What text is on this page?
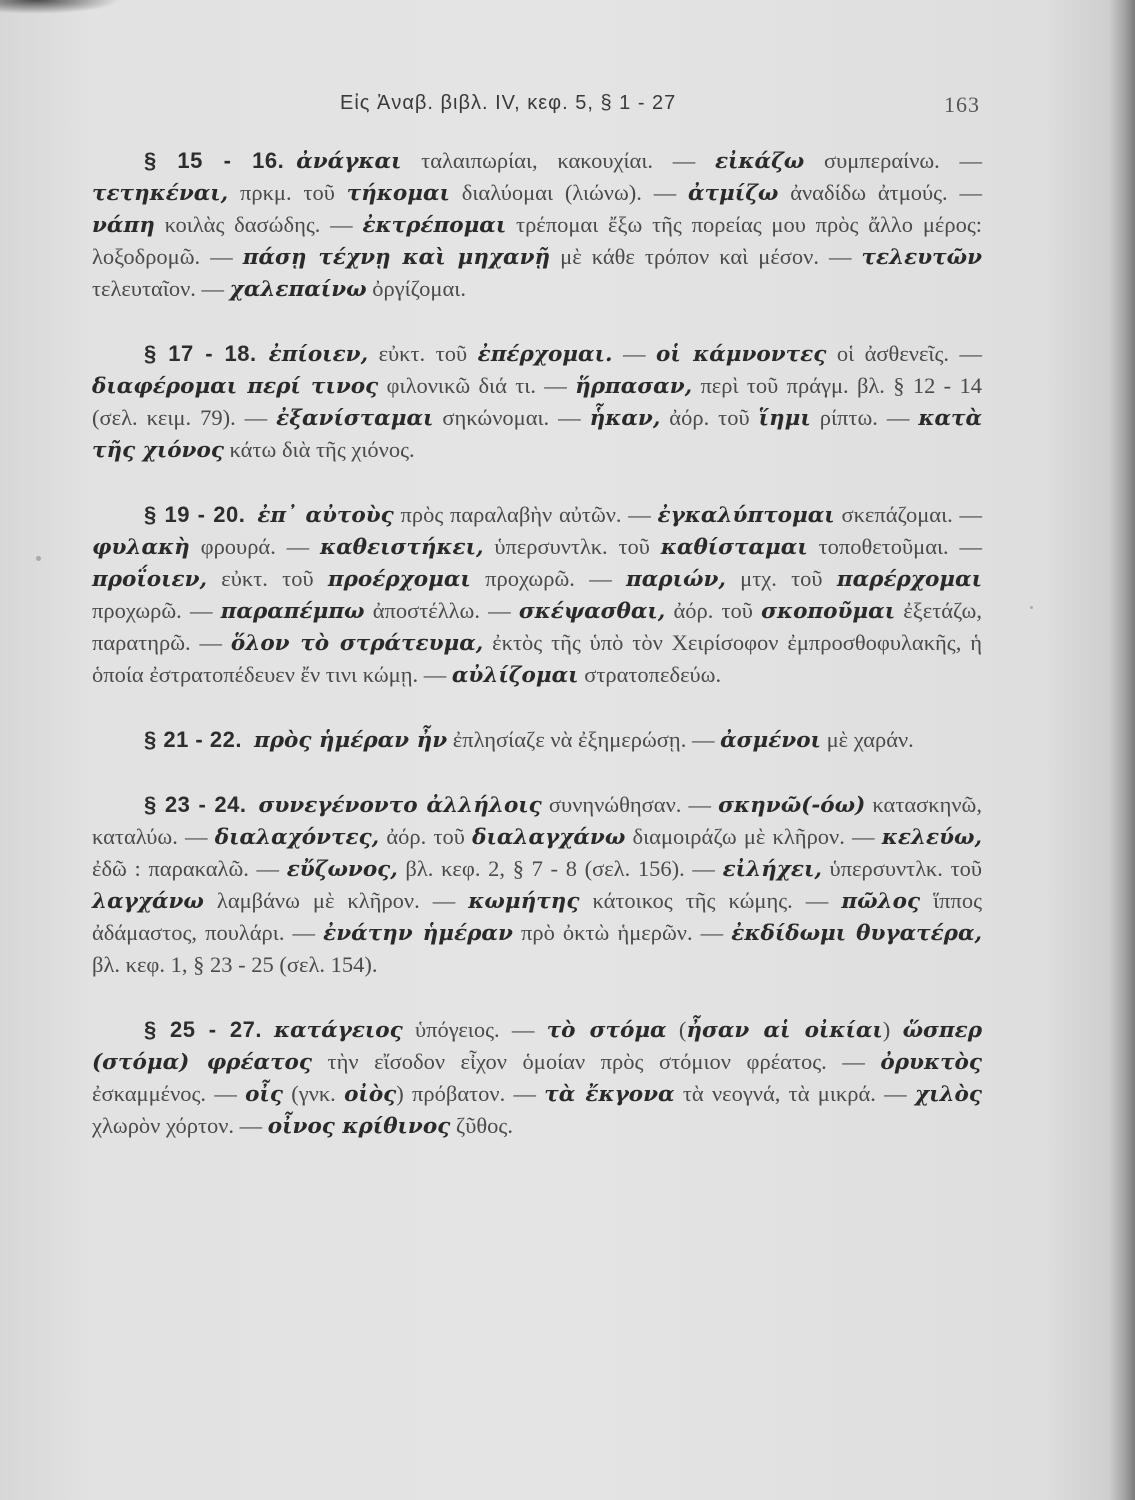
Εἰς Ἀναβ. βιβλ. IV, κεφ. 5, § 1 - 27	163

§ 15 - 16. ἀνάγκαι ταλαιπωρίαι, κακουχίαι. — εἰκάζω συμπεραίνω. — τετηκέναι, πρκμ. τοῦ τήκομαι διαλύομαι (λιώνω). — ἀτμίζω ἀναδίδω ἀτμούς. — νάπη κοιλὰς δασώδης. — ἐκτρέπομαι τρέπομαι ἔξω τῆς πορείας μου πρὸς ἄλλο μέρος: λοξοδρομῶ. — πάσῃ τέχνῃ καὶ μηχανῇ μὲ κάθε τρόπον καὶ μέσον. — τελευτῶν τελευταῖον. — χαλεπαίνω ὀργίζομαι.

§ 17 - 18. ἐπίοιεν, εὐκτ. τοῦ ἐπέρχομαι. — οἱ κάμνοντες οἱ ἀσθενεῖς. — διαφέρομαι περί τινος φιλονικῶ διά τι. — ἥρπασαν, περὶ τοῦ πράγμ. βλ. § 12 - 14 (σελ. κειμ. 79). — ἐξανίσταμαι σηκώνομαι. — ἧκαν, ἀόρ. τοῦ ἵημι ρίπτω. — κατὰ τῆς χιόνος κάτω διὰ τῆς χιόνος.

§ 19 - 20. ἐπ᾽ αὐτοὺς πρὸς παραλαβὴν αὐτῶν. — ἐγκαλύπτομαι σκεπάζομαι. — φυλακὴ φρουρά. — καθειστήκει, ὑπερσυντλκ. τοῦ καθίσταμαι τοποθετοῦμαι. — προΐοιεν, εὐκτ. τοῦ προέρχομαι προχωρῶ. — παριών, μτχ. τοῦ παρέρχομαι προχωρῶ. — παραπέμπω ἀποστέλλω. — σκέψασθαι, ἀόρ. τοῦ σκοποῦμαι ἐξετάζω, παρατηρῶ. — ὅλον τὸ στράτευμα, ἐκτὸς τῆς ὑπὸ τὸν Χειρίσοφον ἐμπροσθοφυλακῆς, ἡ ὁποία ἐστρατοπέδευεν ἔν τινι κώμῃ. — αὐλίζομαι στρατοπεδεύω.

§ 21 - 22. πρὸς ἡμέραν ἦν ἐπλησίαζε νὰ ἐξημερώσῃ. — ἀσμένοι μὲ χαράν.

§ 23 - 24. συνεγένοντο ἀλλήλοις συνηνώθησαν. — σκηνῶ(-όω) κατασκηνῶ, καταλύω. — διαλαχόντες, ἀόρ. τοῦ διαλαγχάνω διαμοιράζω μὲ κλῆρον. — κελεύω, ἐδῶ : παρακαλῶ. — εὔζωνος, βλ. κεφ. 2, § 7 - 8 (σελ. 156). — εἰλήχει, ὑπερσυντλκ. τοῦ λαγχάνω λαμβάνω μὲ κλῆρον. — κωμήτης κάτοικος τῆς κώμης. — πῶλος ἵππος ἀδάμαστος, πουλάρι. — ἐνάτην ἡμέραν πρὸ ὀκτὼ ἡμερῶν. — ἐκδίδωμι θυγατέρα, βλ. κεφ. 1, § 23 - 25 (σελ. 154).

§ 25 - 27. κατάγειος ὑπόγειος. — τὸ στόμα (ἦσαν αἱ οἰκίαι) ὥσπερ (στόμα) φρέατος τὴν εἴσοδον εἶχον ὁμοίαν πρὸς στόμιον φρέατος. — ὀρυκτὸς ἐσκαμμένος. — οἶς (γνκ. οἰὸς) πρόβατον. — τὰ ἔκγονα τὰ νεογνά, τὰ μικρά. — χιλὸς χλωρὸν χόρτον. — οἶνος κρίθινος ζῦθος.
